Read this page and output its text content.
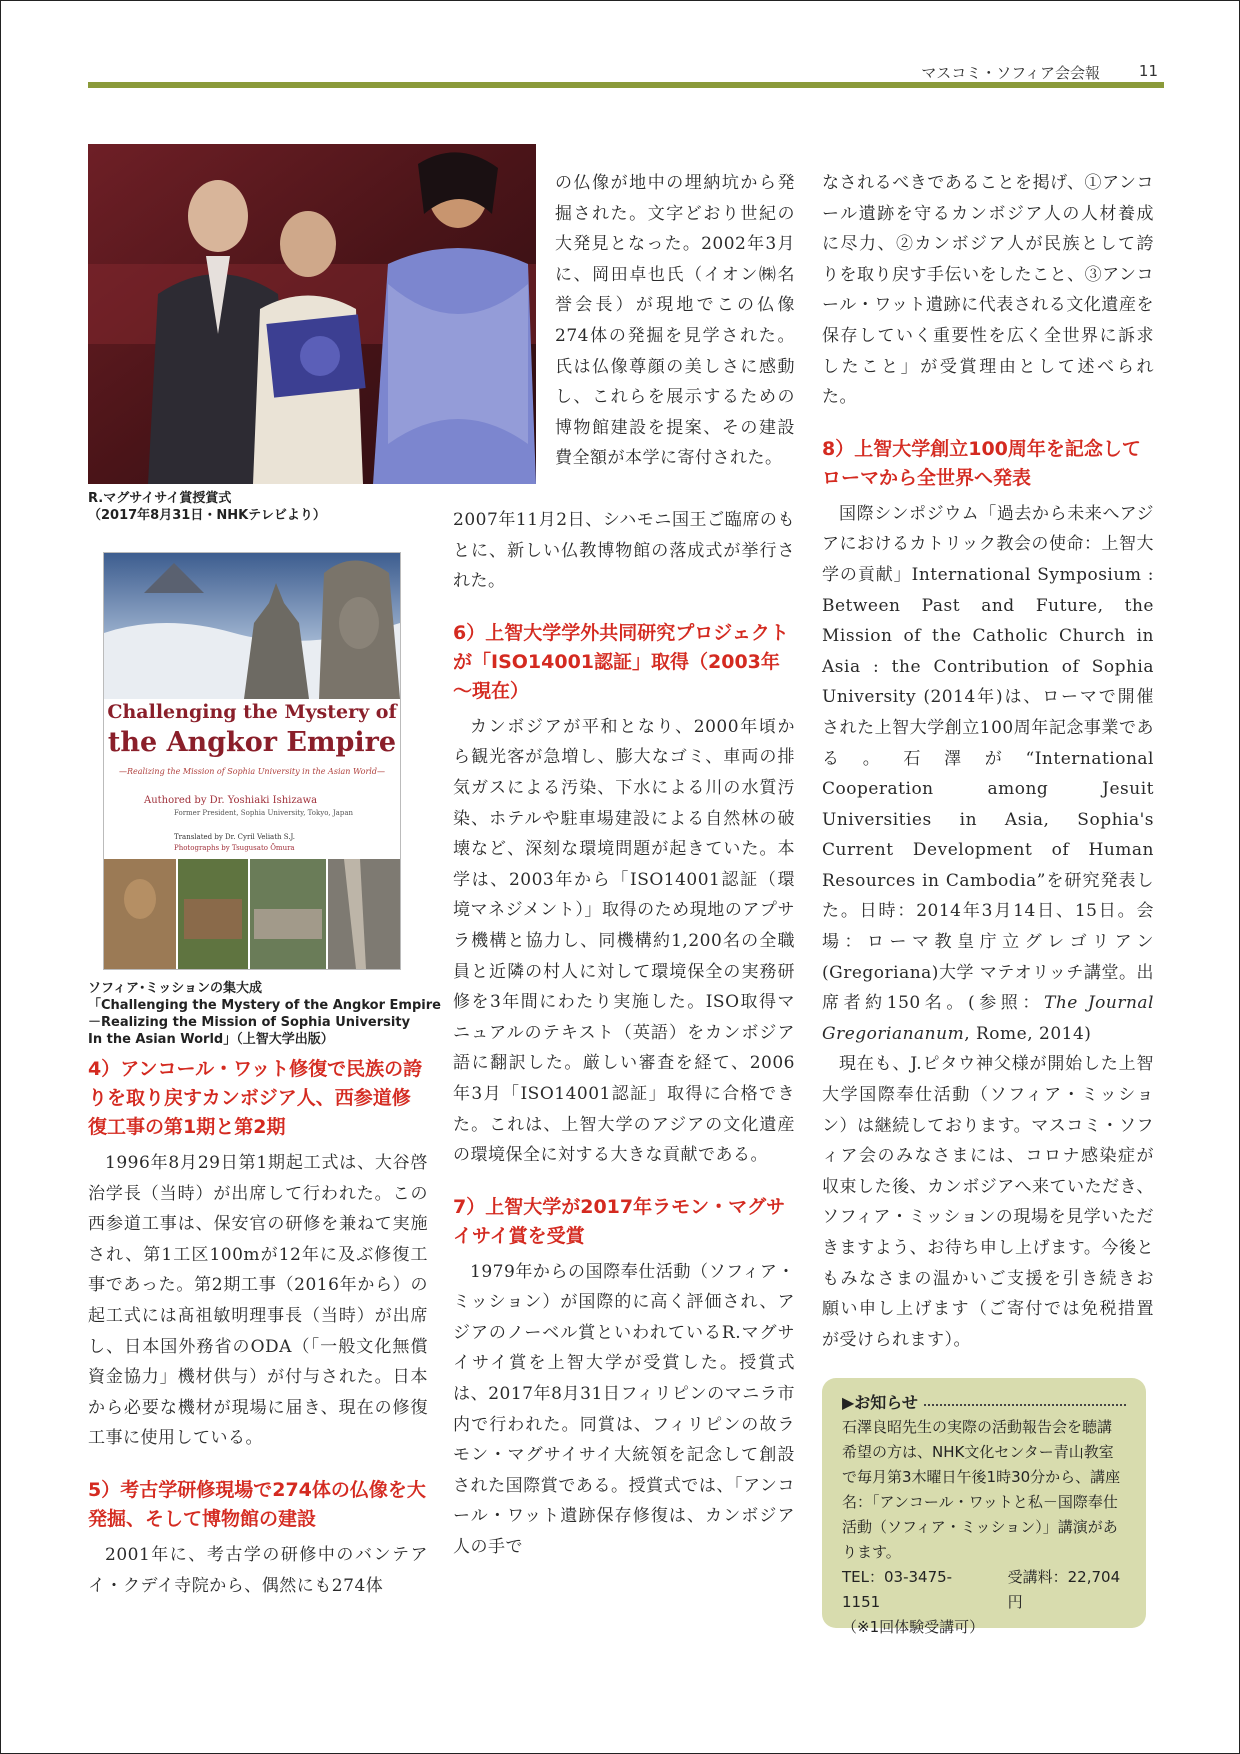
マスコミ・ソフィア会会報	11
R.マグサイサイ賞授賞式
（2017年8月31日・NHKテレビより）
Challenging the Mystery of
the Angkor Empire
—Realizing the Mission of Sophia University in the Asian World—
Authored by Dr. Yoshiaki Ishizawa
Former President, Sophia University, Tokyo, Japan
Translated by Dr. Cyril Veliath S.J.
Photographs by Tsugusato Ōmura
ソフィア･ミッションの集大成
「Challenging the Mystery of the Angkor Empire
－Realizing the Mission of Sophia University
In the Asian World」（上智大学出版）
4）アンコール・ワット修復で民族の誇りを取り戻すカンボジア人、西参道修復工事の第1期と第2期

1996年8月29日第1期起工式は、大谷啓治学長（当時）が出席して行われた。この西参道工事は、保安官の研修を兼ねて実施され、第1工区100mが12年に及ぶ修復工事であった。第2期工事（2016年から）の起工式には髙祖敏明理事長（当時）が出席し、日本国外務省のODA（「一般文化無償資金協力」機材供与）が付与された。日本から必要な機材が現場に届き、現在の修復工事に使用している。

5）考古学研修現場で274体の仏像を大発掘、そして博物館の建設

2001年に、考古学の研修中のバンテアイ・クデイ寺院から、偶然にも274体

の仏像が地中の埋納坑から発掘された。文字どおり世紀の大発見となった。2002年3月に、岡田卓也氏（イオン㈱名誉会長）が現地でこの仏像274体の発掘を見学された。氏は仏像尊顔の美しさに感動し、これらを展示するための博物館建設を提案、その建設費全額が本学に寄付された。

2007年11月2日、シハモニ国王ご臨席のもとに、新しい仏教博物館の落成式が挙行された。

6）上智大学学外共同研究プロジェクトが「ISO14001認証」取得（2003年～現在）

カンボジアが平和となり、2000年頃から観光客が急増し、膨大なゴミ、車両の排気ガスによる汚染、下水による川の水質汚染、ホテルや駐車場建設による自然林の破壊など、深刻な環境問題が起きていた。本学は、2003年から「ISO14001認証（環境マネジメント）」取得のため現地のアプサラ機構と協力し、同機構約1,200名の全職員と近隣の村人に対して環境保全の実務研修を3年間にわたり実施した。ISO取得マニュアルのテキスト（英語）をカンボジア語に翻訳した。厳しい審査を経て、2006年3月「ISO14001認証」取得に合格できた。これは、上智大学のアジアの文化遺産の環境保全に対する大きな貢献である。

7）上智大学が2017年ラモン・マグサイサイ賞を受賞

1979年からの国際奉仕活動（ソフィア・ミッション）が国際的に高く評価され、アジアのノーベル賞といわれているR.マグサイサイ賞を上智大学が受賞した。授賞式は、2017年8月31日フィリピンのマニラ市内で行われた。同賞は、フィリピンの故ラモン・マグサイサイ大統領を記念して創設された国際賞である。授賞式では、「アンコール・ワット遺跡保存修復は、カンボジア人の手で

なされるべきであることを掲げ、①アンコール遺跡を守るカンボジア人の人材養成に尽力、②カンボジア人が民族として誇りを取り戻す手伝いをしたこと、③アンコール・ワット遺跡に代表される文化遺産を保存していく重要性を広く全世界に訴求したこと」が受賞理由として述べられた。

8）上智大学創立100周年を記念してローマから全世界へ発表

国際シンポジウム「過去から未来へアジアにおけるカトリック教会の使命：上智大学の貢献」International Symposium : Between Past and Future, the Mission of the Catholic Church in Asia : the Contribution of Sophia University (2014年)は、ローマで開催された上智大学創立100周年記念事業である。石澤が“International Cooperation among Jesuit Universities in Asia, Sophia's Current Development of Human Resources in Cambodia”を研究発表した。日時：2014年3月14日、15日。会場：ローマ教皇庁立グレゴリアン(Gregoriana)大学 マテオリッチ講堂。出席者約150名。(参照：The Journal Gregoriananum, Rome, 2014)

現在も、J.ピタウ神父様が開始した上智大学国際奉仕活動（ソフィア・ミッション）は継続しております。マスコミ・ソフィア会のみなさまには、コロナ感染症が収束した後、カンボジアへ来ていただき、ソフィア・ミッションの現場を見学いただきますよう、お待ち申し上げます。今後ともみなさまの温かいご支援を引き続きお願い申し上げます（ご寄付では免税措置が受けられます）。

▶お知らせ
石澤良昭先生の実際の活動報告会を聴講希望の方は、NHK文化センター青山教室で毎月第3木曜日午後1時30分から、講座名：「アンコール・ワットと私－国際奉仕活動（ソフィア・ミッション）」講演があります。
TEL：03-3475-1151
受講料：22,704円
（※1回体験受講可）
